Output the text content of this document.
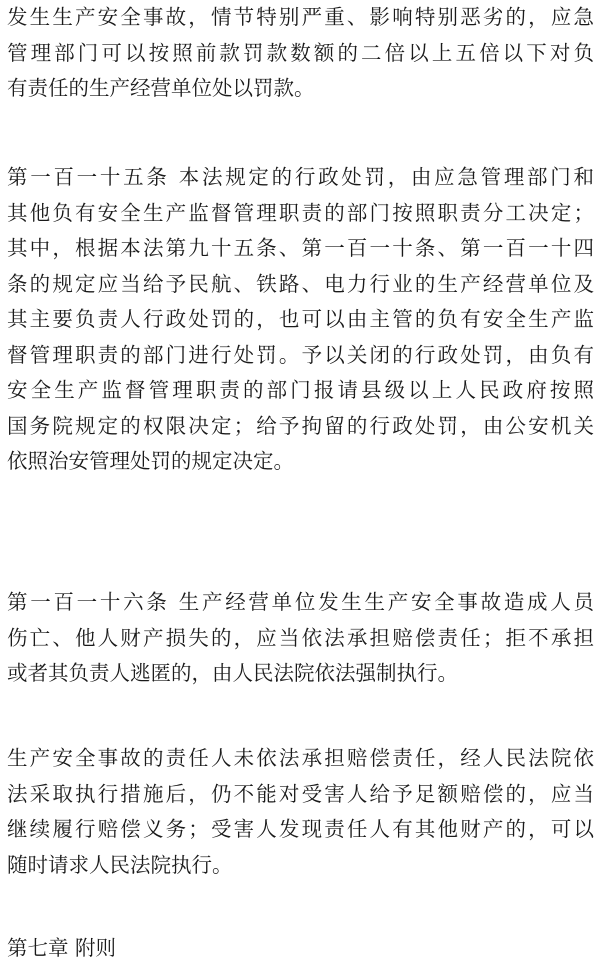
发生生产安全事故，情节特别严重、影响特别恶劣的，应急
管理部门可以按照前款罚款数额的二倍以上五倍以下对负
有责任的生产经营单位处以罚款。
第一百一十五条 本法规定的行政处罚，由应急管理部门和
其他负有安全生产监督管理职责的部门按照职责分工决定；
其中，根据本法第九十五条、第一百一十条、第一百一十四
条的规定应当给予民航、铁路、电力行业的生产经营单位及
其主要负责人行政处罚的，也可以由主管的负有安全生产监
督管理职责的部门进行处罚。予以关闭的行政处罚，由负有
安全生产监督管理职责的部门报请县级以上人民政府按照
国务院规定的权限决定；给予拘留的行政处罚，由公安机关
依照治安管理处罚的规定决定。
第一百一十六条 生产经营单位发生生产安全事故造成人员
伤亡、他人财产损失的，应当依法承担赔偿责任；拒不承担
或者其负责人逃匿的，由人民法院依法强制执行。
生产安全事故的责任人未依法承担赔偿责任，经人民法院依
法采取执行措施后，仍不能对受害人给予足额赔偿的，应当
继续履行赔偿义务；受害人发现责任人有其他财产的，可以
随时请求人民法院执行。
第七章 附则
